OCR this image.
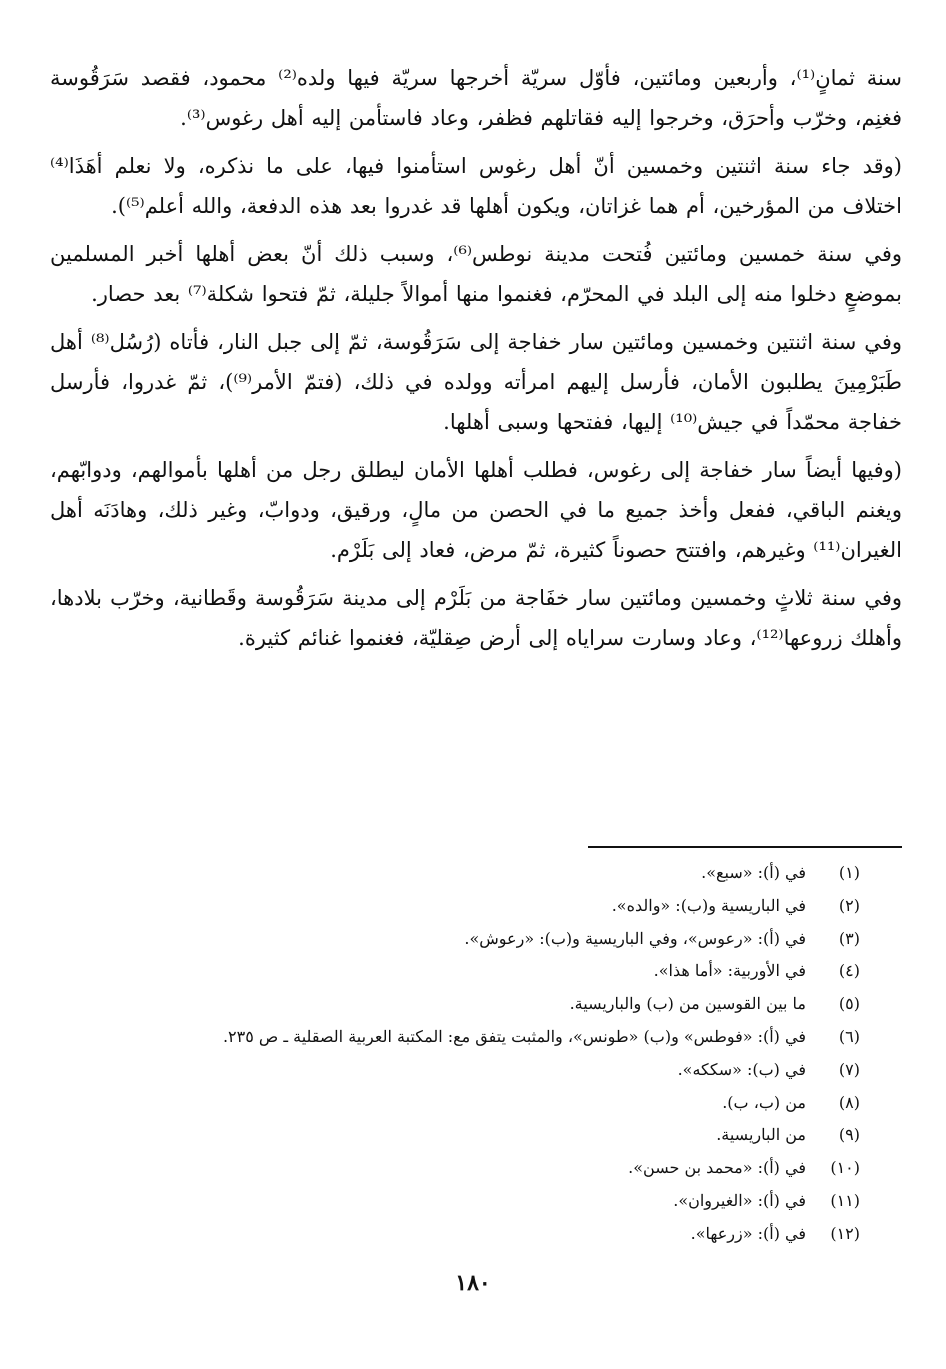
سنة ثمانٍ⁽¹⁾، وأربعين ومائتين، فأوّل سريّة أخرجها سريّة فيها ولده⁽²⁾ محمود، فقصد سَرَقُوسة فغنِم، وخرّب وأحرَق، وخرجوا إليه فقاتلهم فظفر، وعاد فاستأمن إليه أهل رغوس⁽³⁾.

(وقد جاء سنة اثنتين وخمسين أنّ أهل رغوس استأمنوا فيها، على ما نذكره، ولا نعلم أهَذَا⁽⁴⁾ اختلاف من المؤرخين، أم هما غزاتان، ويكون أهلها قد غدروا بعد هذه الدفعة، والله أعلم⁽⁵⁾).

وفي سنة خمسين ومائتين فُتحت مدينة نوطس⁽⁶⁾، وسبب ذلك أنّ بعض أهلها أخبر المسلمين بموضعٍ دخلوا منه إلى البلد في المحرّم، فغنموا منها أموالاً جليلة، ثمّ فتحوا شكلة⁽⁷⁾ بعد حصار.

وفي سنة اثنتين وخمسين ومائتين سار خفاجة إلى سَرَقُوسة، ثمّ إلى جبل النار، فأتاه (رُسُل⁽⁸⁾ أهل طَبَرْمِينَ يطلبون الأمان، فأرسل إليهم امرأته وولده في ذلك، (فتمّ الأمر⁽⁹⁾)، ثمّ غدروا، فأرسل خفاجة محمّداً في جيش⁽¹⁰⁾ إليها، ففتحها وسبى أهلها.

(وفيها أيضاً سار خفاجة إلى رغوس، فطلب أهلها الأمان ليطلق رجل من أهلها بأموالهم، ودوابّهم، ويغنم الباقي، ففعل وأخذ جميع ما في الحصن من مالٍ، ورقيق، ودوابّ، وغير ذلك، وهادَنَه أهل الغيران⁽¹¹⁾ وغيرهم، وافتتح حصوناً كثيرة، ثمّ مرض، فعاد إلى بَلَرْم.

وفي سنة ثلاثٍ وخمسين ومائتين سار خفَاجة من بَلَرْم إلى مدينة سَرَقُوسة وقَطانية، وخرّب بلادها، وأهلك زروعها⁽¹²⁾، وعاد وسارت سراياه إلى أرض صِقليّة، فغنموا غنائم كثيرة.

(١)في (أ): «سبع».
(٢)في الباريسية و(ب): «والده».
(٣)في (أ): «رعوس»، وفي الباريسية و(ب): «رعوش».
(٤)في الأوربية: «أما هذا».
(٥)ما بين القوسين من (ب) والباريسية.
(٦)في (أ): «فوطس» و(ب) «طونس»، والمثبت يتفق مع: المكتبة العربية الصقلية ـ ص ٢٣٥.
(٧)في (ب): «سككه».
(٨)من (ب، ب).
(٩)من الباريسية.
(١٠)في (أ): «محمد بن حسن».
(١١)في (أ): «الغيروان».
(١٢)في (أ): «زرعها».
١٨٠
